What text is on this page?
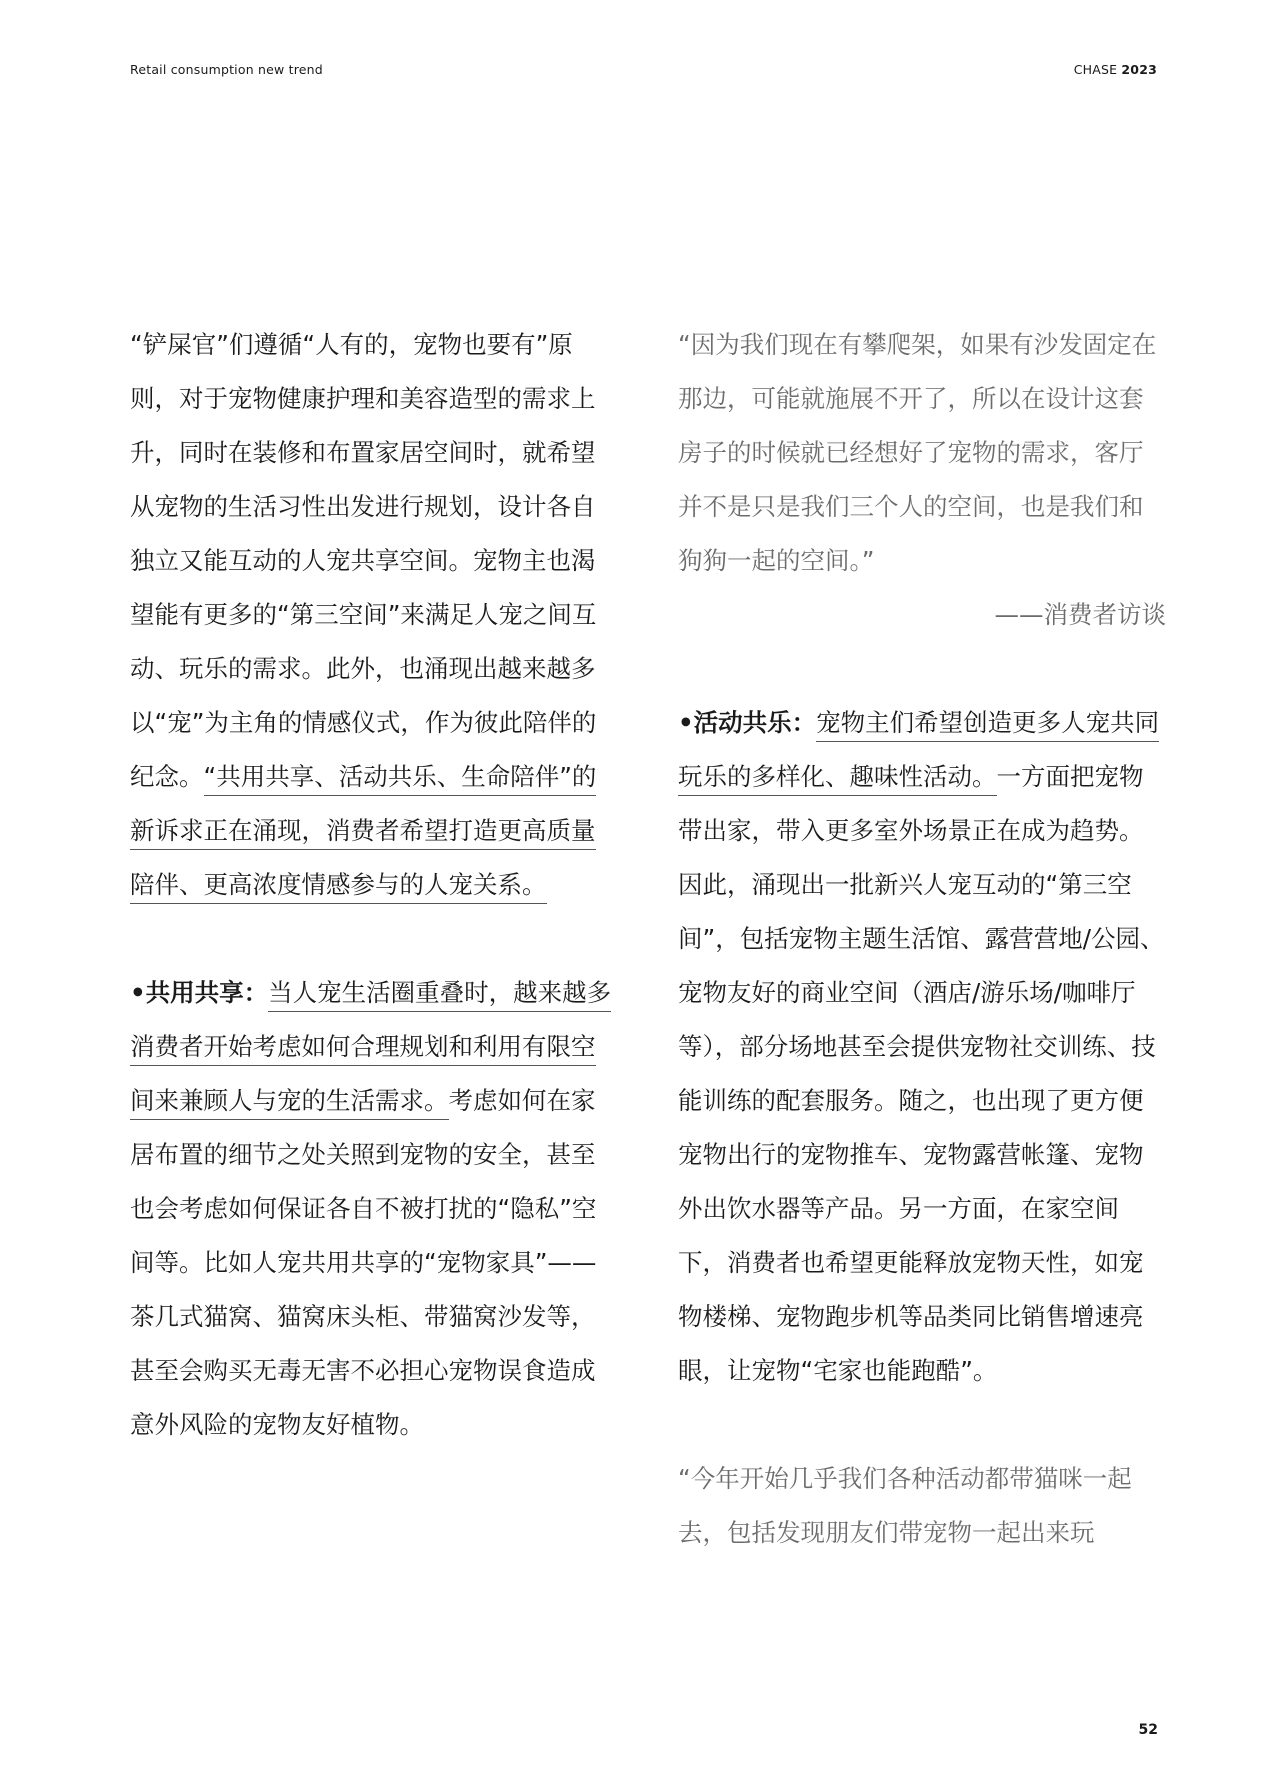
Retail consumption new trend	CHASE 2023

“铲屎官”们遵循“人有的，宠物也要有”原则，对于宠物健康护理和美容造型的需求上升，同时在装修和布置家居空间时，就希望从宠物的生活习性出发进行规划，设计各自独立又能互动的人宠共享空间。宠物主也渴望能有更多的“第三空间”来满足人宠之间互动、玩乐的需求。此外，也涌现出越来越多以“宠”为主角的情感仪式，作为彼此陪伴的纪念。“共用共享、活动共乐、生命陪伴”的新诉求正在涌现，消费者希望打造更高质量陪伴、更高浓度情感参与的人宠关系。

•共用共享：当人宠生活圈重叠时，越来越多消费者开始考虑如何合理规划和利用有限空间来兼顾人与宠的生活需求。考虑如何在家居布置的细节之处关照到宠物的安全，甚至也会考虑如何保证各自不被打扰的“隐私”空间等。比如人宠共用共享的“宠物家具”——茶几式猫窝、猫窝床头柜、带猫窝沙发等，甚至会购买无毒无害不必担心宠物误食造成意外风险的宠物友好植物。

“因为我们现在有攀爬架，如果有沙发固定在那边，可能就施展不开了，所以在设计这套房子的时候就已经想好了宠物的需求，客厅并不是只是我们三个人的空间，也是我们和狗狗一起的空间。”

——消费者访谈

•活动共乐：宠物主们希望创造更多人宠共同玩乐的多样化、趣味性活动。一方面把宠物带出家，带入更多室外场景正在成为趋势。因此，涌现出一批新兴人宠互动的“第三空间”，包括宠物主题生活馆、露营营地/公园、宠物友好的商业空间（酒店/游乐场/咖啡厅等），部分场地甚至会提供宠物社交训练、技能训练的配套服务。随之，也出现了更方便宠物出行的宠物推车、宠物露营帐篷、宠物外出饮水器等产品。另一方面，在家空间下，消费者也希望更能释放宠物天性，如宠物楼梯、宠物跑步机等品类同比销售增速亮眼，让宠物“宅家也能跑酷”。

“今年开始几乎我们各种活动都带猫咪一起去，包括发现朋友们带宠物一起出来玩

52
